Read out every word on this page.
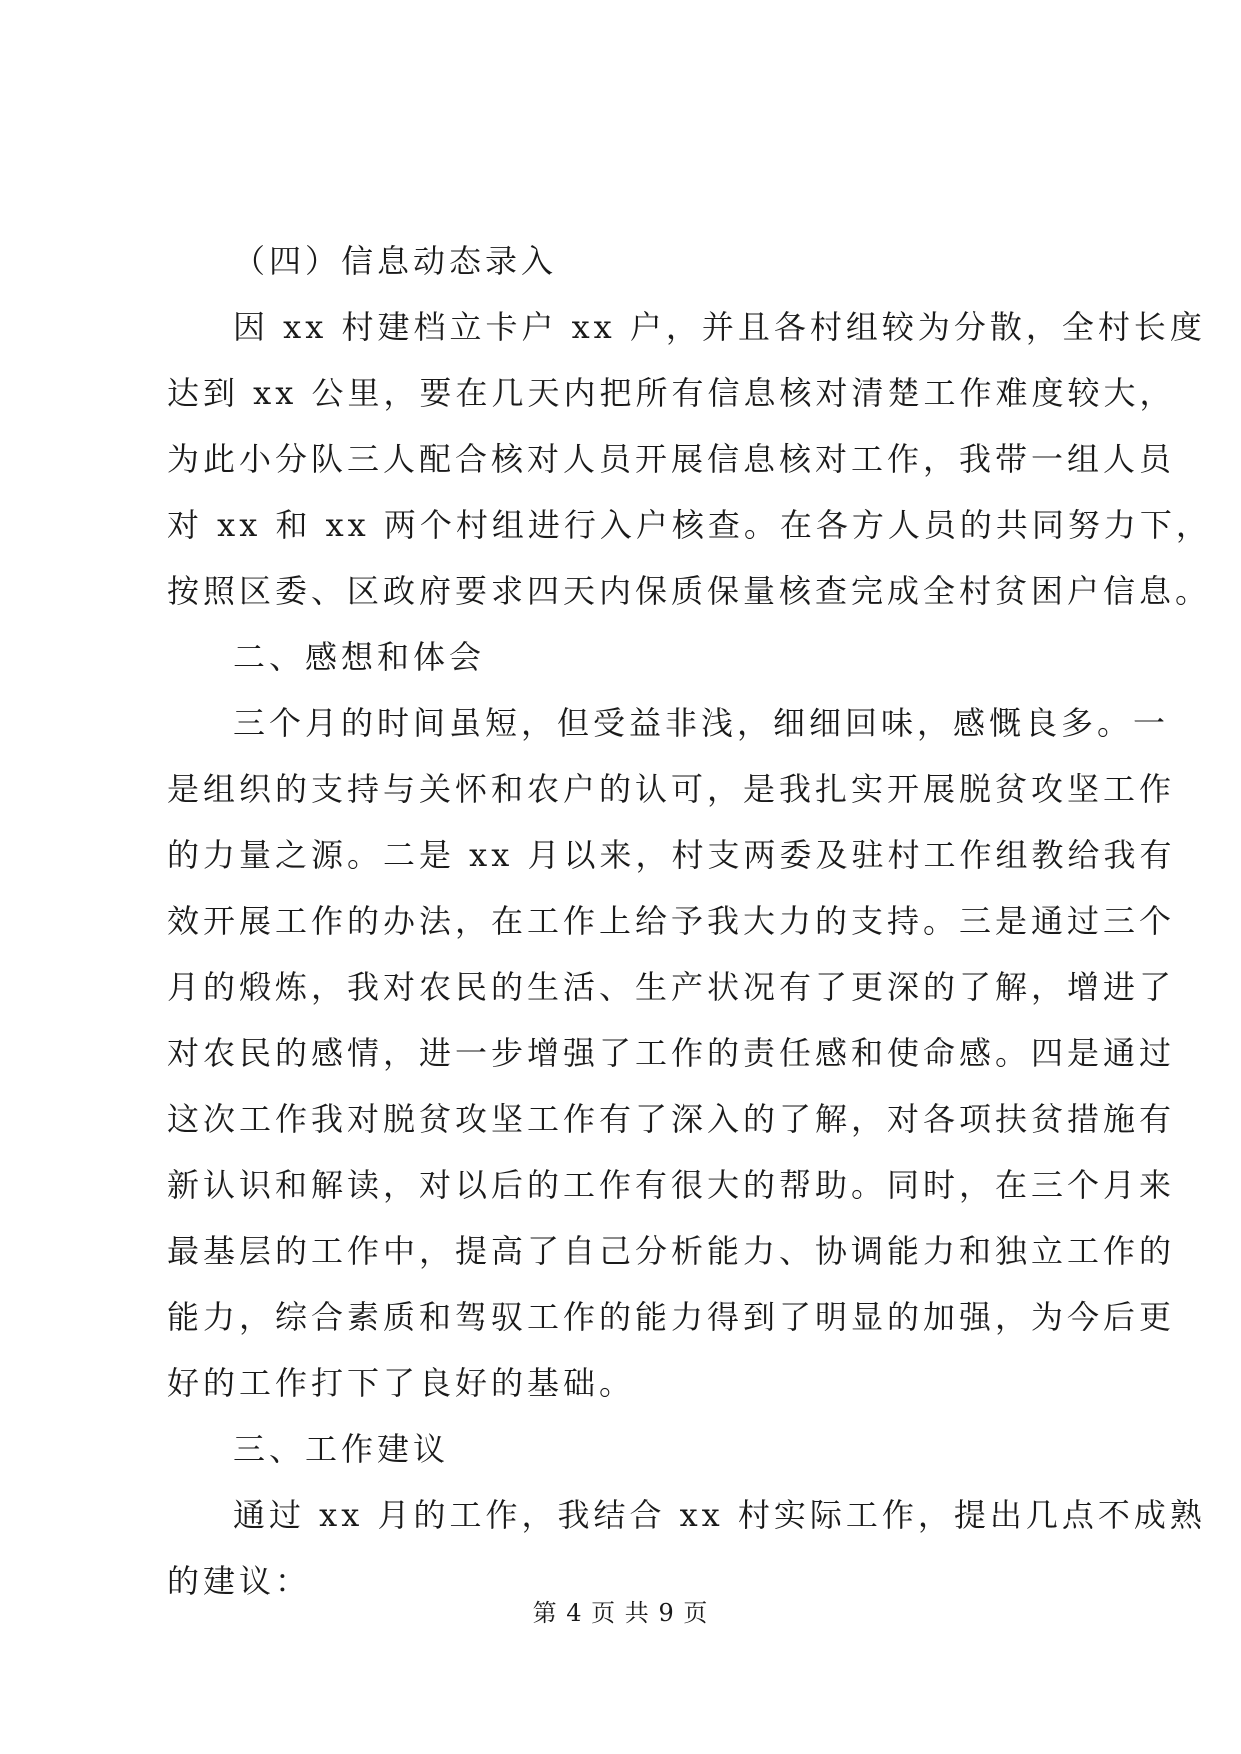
（四）信息动态录入
因 xx 村建档立卡户 xx 户，并且各村组较为分散，全村长度
达到 xx 公里，要在几天内把所有信息核对清楚工作难度较大，
为此小分队三人配合核对人员开展信息核对工作，我带一组人员
对 xx 和 xx 两个村组进行入户核查。在各方人员的共同努力下，
按照区委、区政府要求四天内保质保量核查完成全村贫困户信息。
二、感想和体会
三个月的时间虽短，但受益非浅，细细回味，感慨良多。一
是组织的支持与关怀和农户的认可，是我扎实开展脱贫攻坚工作
的力量之源。二是 xx 月以来，村支两委及驻村工作组教给我有
效开展工作的办法，在工作上给予我大力的支持。三是通过三个
月的煅炼，我对农民的生活、生产状况有了更深的了解，增进了
对农民的感情，进一步增强了工作的责任感和使命感。四是通过
这次工作我对脱贫攻坚工作有了深入的了解，对各项扶贫措施有
新认识和解读，对以后的工作有很大的帮助。同时，在三个月来
最基层的工作中，提高了自己分析能力、协调能力和独立工作的
能力，综合素质和驾驭工作的能力得到了明显的加强，为今后更
好的工作打下了良好的基础。
三、工作建议
通过 xx 月的工作，我结合 xx 村实际工作，提出几点不成熟
的建议：
第 4 页 共 9 页
